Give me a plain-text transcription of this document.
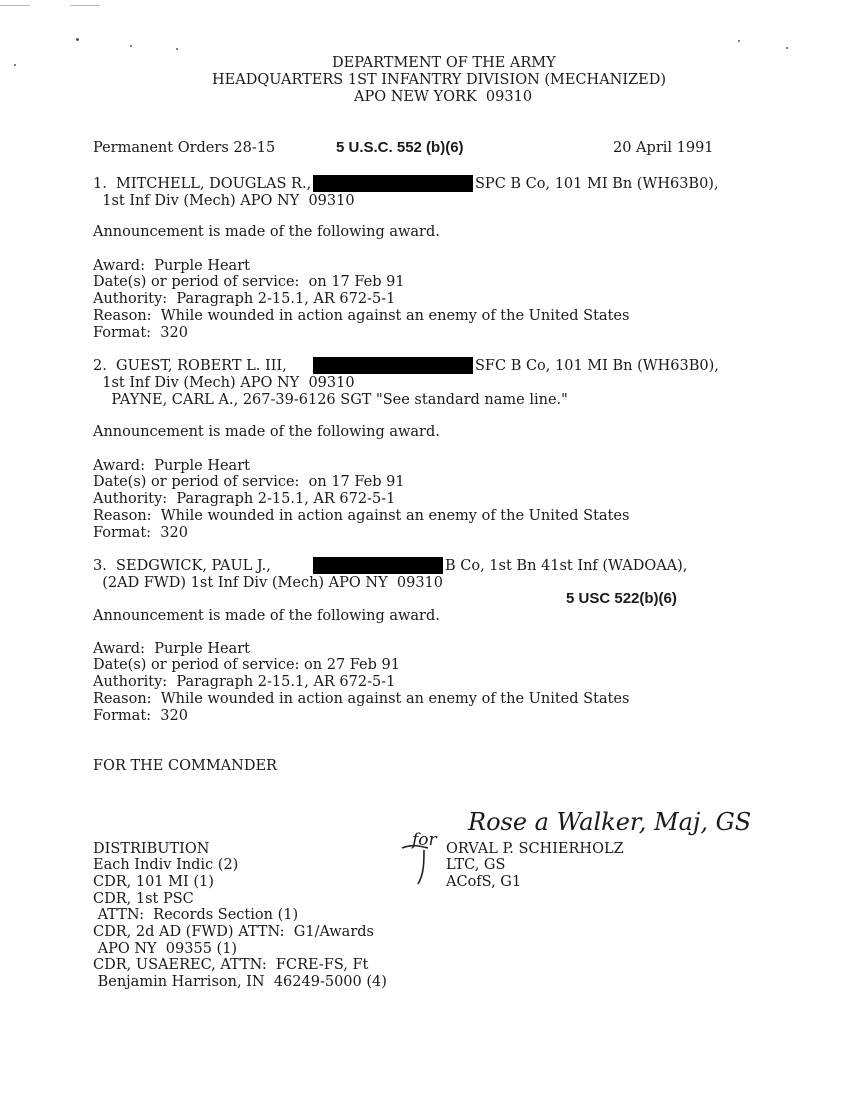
DEPARTMENT OF THE ARMY
HEADQUARTERS 1ST INFANTRY DIVISION (MECHANIZED)
APO NEW YORK  09310
Permanent Orders 28-15	5 U.S.C. 552 (b)(6)	20 April 1991
1.  MITCHELL, DOUGLAS R.,	SPC B Co, 101 MI Bn (WH63B0),
1st Inf Div (Mech) APO NY  09310
Announcement is made of the following award.
Award:  Purple Heart
Date(s) or period of service:  on 17 Feb 91
Authority:  Paragraph 2-15.1, AR 672-5-1
Reason:  While wounded in action against an enemy of the United States
Format:  320
2.  GUEST, ROBERT L. III,	SFC B Co, 101 MI Bn (WH63B0),
1st Inf Div (Mech) APO NY  09310
PAYNE, CARL A., 267-39-6126 SGT "See standard name line."
Announcement is made of the following award.
Award:  Purple Heart
Date(s) or period of service:  on 17 Feb 91
Authority:  Paragraph 2-15.1, AR 672-5-1
Reason:  While wounded in action against an enemy of the United States
Format:  320
3.  SEDGWICK, PAUL J.,	B Co, 1st Bn 41st Inf (WADOAA),
(2AD FWD) 1st Inf Div (Mech) APO NY  09310
5 USC 522(b)(6)
Announcement is made of the following award.
Award:  Purple Heart
Date(s) or period of service: on 27 Feb 91
Authority:  Paragraph 2-15.1, AR 672-5-1
Reason:  While wounded in action against an enemy of the United States
Format:  320
FOR THE COMMANDER
Rose a Walker, Maj, GS
for ORVAL P. SCHIERHOLZ
LTC, GS
ACofS, G1
DISTRIBUTION
Each Indiv Indic (2)
CDR, 101 MI (1)
CDR, 1st PSC
ATTN:  Records Section (1)
CDR, 2d AD (FWD) ATTN:  G1/Awards
APO NY  09355 (1)
CDR, USAEREC, ATTN:  FCRE-FS, Ft
Benjamin Harrison, IN  46249-5000 (4)
